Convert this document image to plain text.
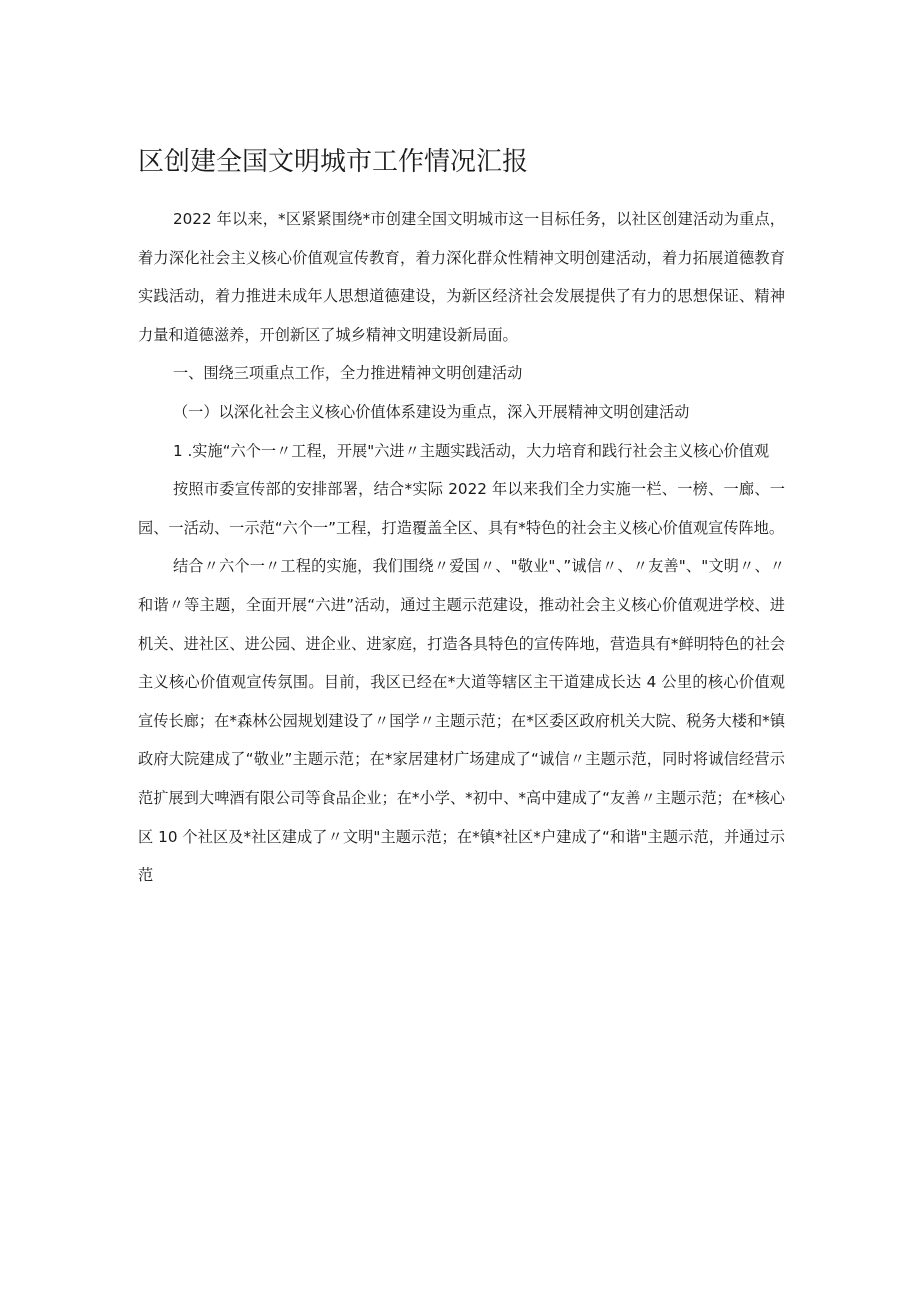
区创建全国文明城市工作情况汇报

2022 年以来，*区紧紧围绕*市创建全国文明城市这一目标任务，以社区创建活动为重点，着力深化社会主义核心价值观宣传教育，着力深化群众性精神文明创建活动，着力拓展道德教育实践活动，着力推进未成年人思想道德建设，为新区经济社会发展提供了有力的思想保证、精神力量和道德滋养，开创新区了城乡精神文明建设新局面。

一、围绕三项重点工作，全力推进精神文明创建活动

（一）以深化社会主义核心价值体系建设为重点，深入开展精神文明创建活动

1 .实施“六个一〃工程，开展"六进〃主题实践活动，大力培育和践行社会主义核心价值观

按照市委宣传部的安排部署，结合*实际 2022 年以来我们全力实施一栏、一榜、一廊、一园、一活动、一示范“六个一”工程，打造覆盖全区、具有*特色的社会主义核心价值观宣传阵地。

结合〃六个一〃工程的实施，我们围绕〃爱国〃、"敬业"、”诚信〃、〃友善"、"文明〃、〃和谐〃等主题，全面开展“六进”活动，通过主题示范建设，推动社会主义核心价值观进学校、进机关、进社区、进公园、进企业、进家庭，打造各具特色的宣传阵地，营造具有*鲜明特色的社会主义核心价值观宣传氛围。目前，我区已经在*大道等辖区主干道建成长达 4 公里的核心价值观宣传长廊；在*森林公园规划建设了〃国学〃主题示范；在*区委区政府机关大院、税务大楼和*镇政府大院建成了“敬业”主题示范；在*家居建材广场建成了“诚信〃主题示范，同时将诚信经营示范扩展到大啤酒有限公司等食品企业；在*小学、*初中、*高中建成了“友善〃主题示范；在*核心区 10 个社区及*社区建成了〃文明"主题示范；在*镇*社区*户建成了“和谐"主题示范，并通过示范
